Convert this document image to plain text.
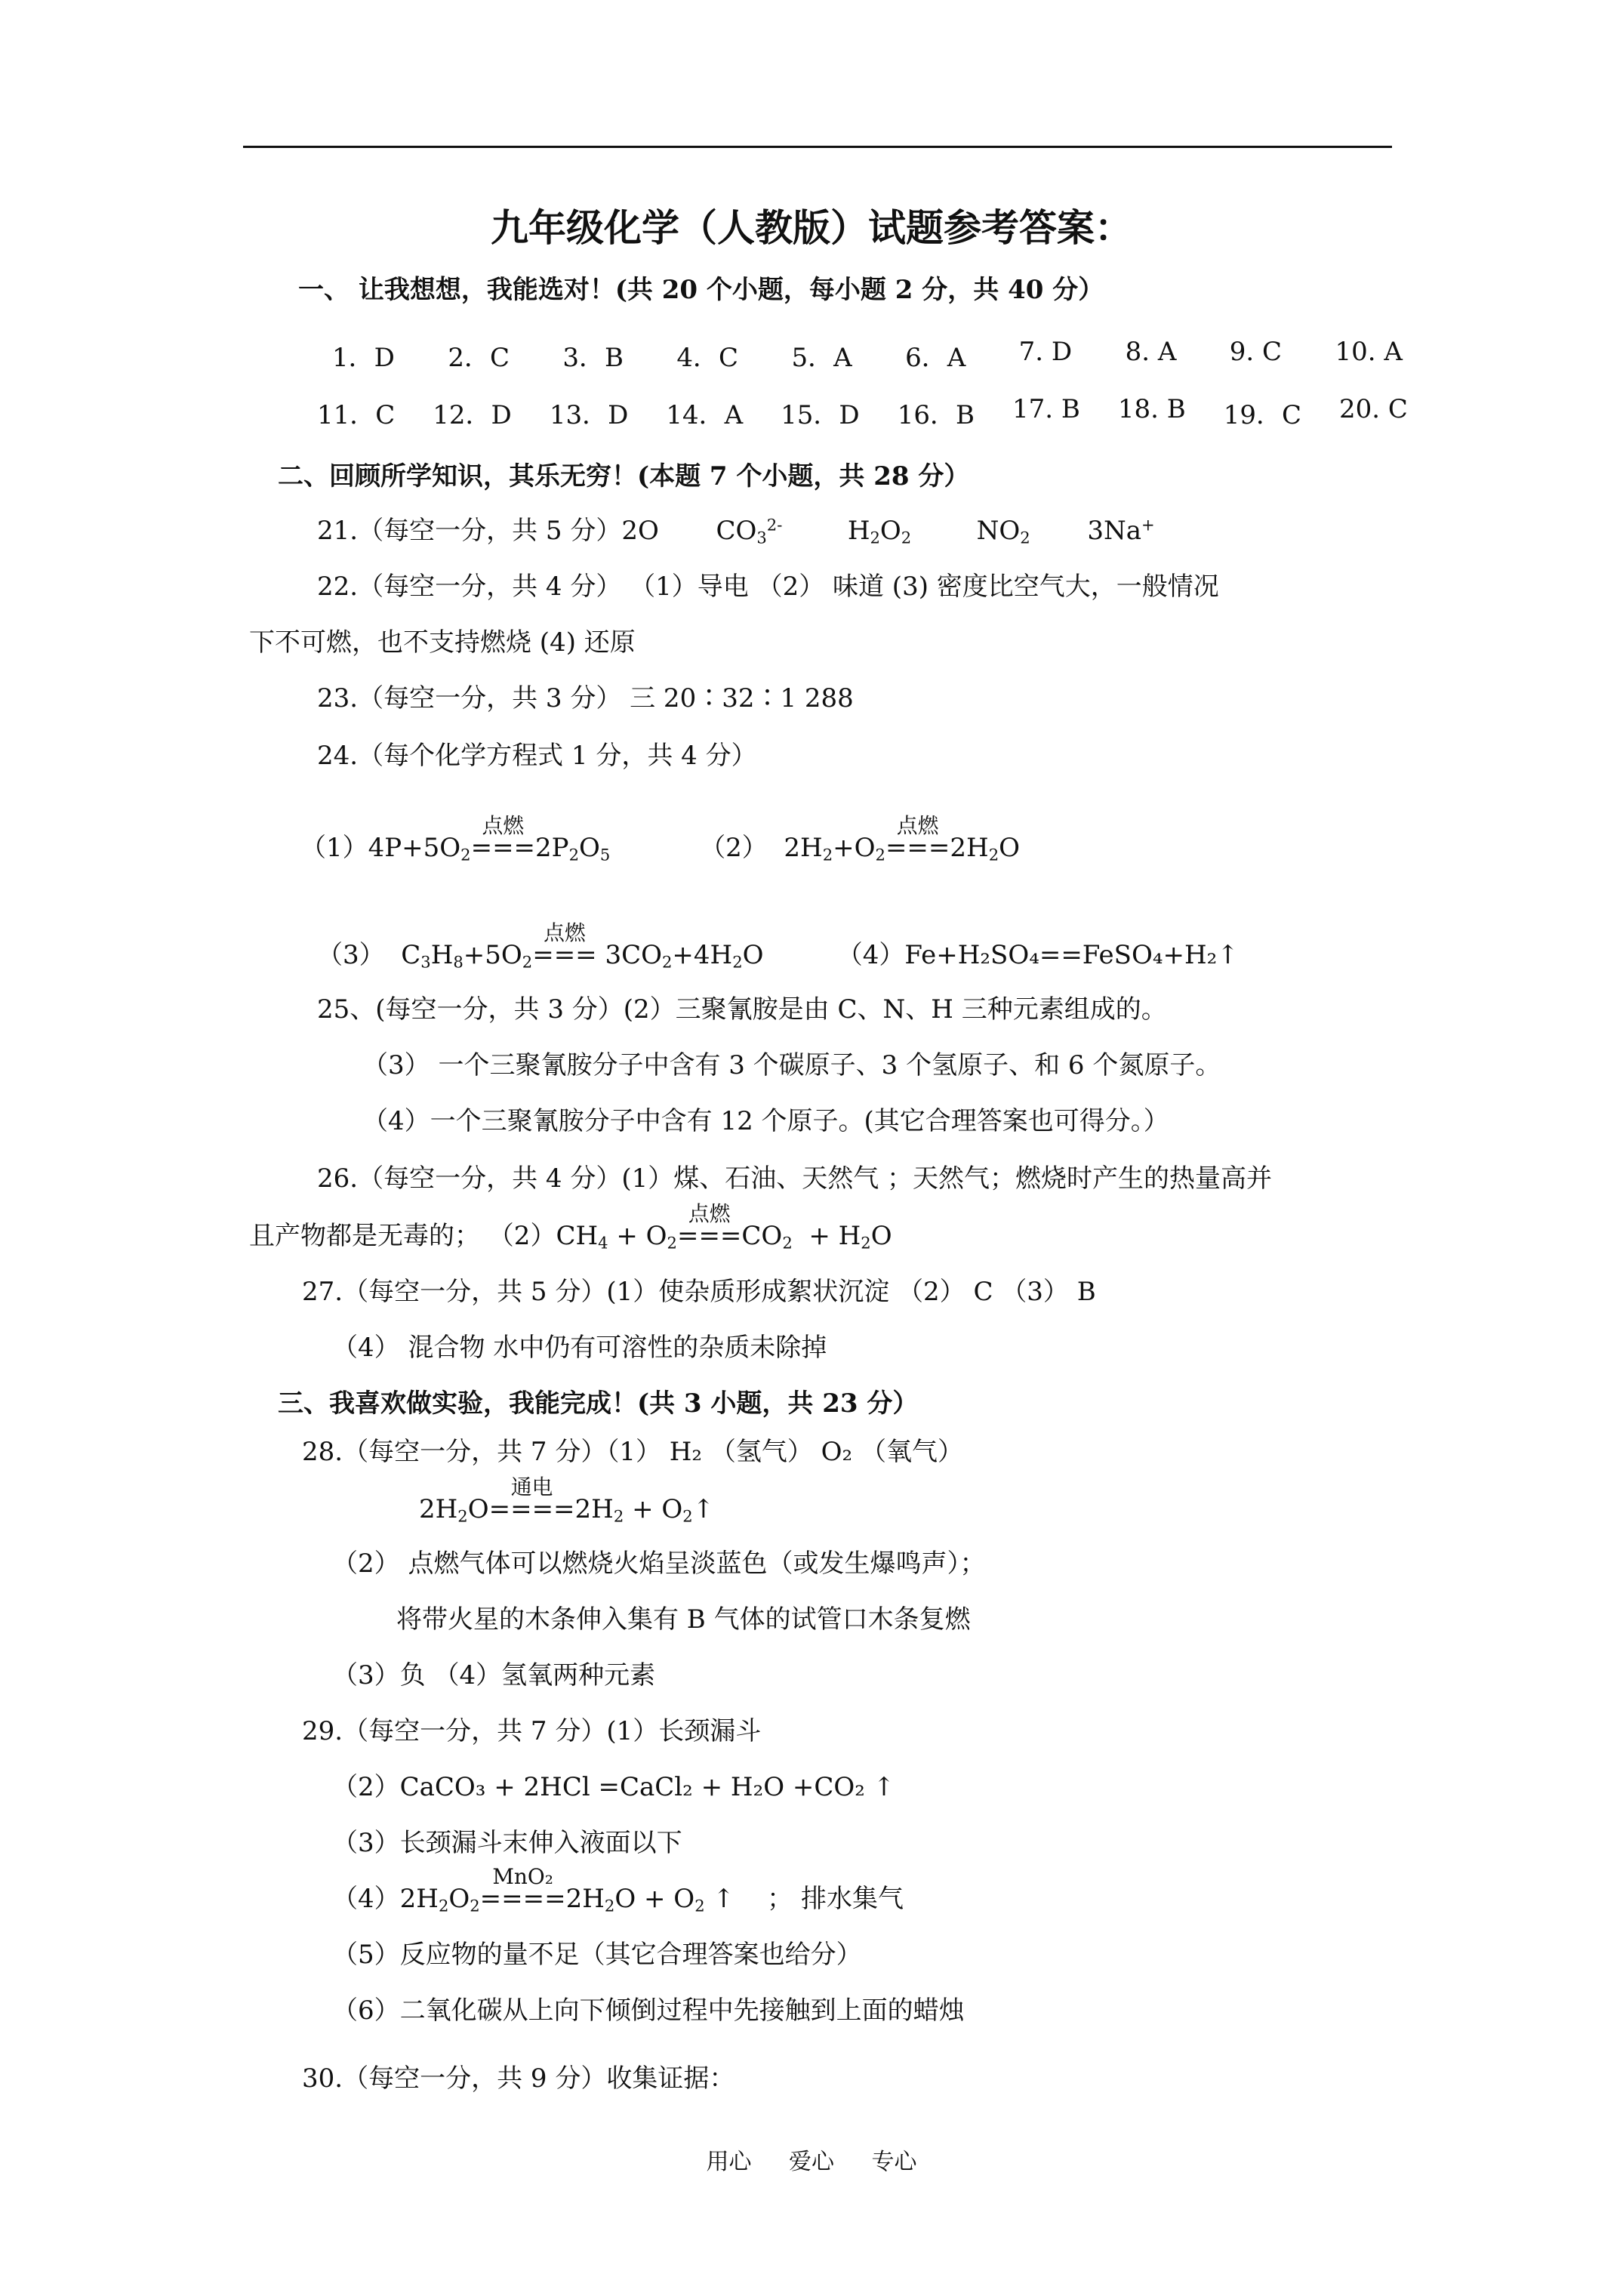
九年级化学（人教版）试题参考答案：
一、 让我想想，我能选对！(共 20 个小题，每小题 2 分，共 40 分）
1．D 2．C 3．B 4．C 5．A 6．A 7. D 8. A 9. C 10. A
11．C 12．D 13．D 14．A 15．D 16．B 17. B 18. B 19．C 20. C
二、回顾所学知识，其乐无穷！(本题 7 个小题，共 28 分）
21.（每空一分，共 5 分）2O $CO_3^{2-}$	$H_2O_2$	$NO_2$ 3Na+
22.（每空一分，共 4 分） （1）导电 （2） 味道 (3) 密度比空气大，一般情况
下不可燃，也不支持燃烧 (4) 还原
23.（每空一分，共 3 分） 三 20∶32∶1 288
24.（每个化学方程式 1 分，共 4 分）
$(1)4P+5O_2$
点燃
$===2P_2O_5$	（2）  $2H_2+O_2$
点燃
$===2H_2O$
（3）  $C_3H_8+5O_2$
点燃
=== $3CO_2+4H_2O$         （4）Fe+H₂SO₄==FeSO₄+H₂↑
25、(每空一分，共 3 分）(2）三聚氰胺是由 C、N、H 三种元素组成的。
（3） 一个三聚氰胺分子中含有 3 个碳原子、3 个氢原子、和 6 个氮原子。
（4）一个三聚氰胺分子中含有 12 个原子。(其它合理答案也可得分。）
26.（每空一分，共 4 分）(1）煤、石油、天然气 ；天然气；燃烧时产生的热量高并
且产物都是无毒的； $(2)CH_4 + O_2$
点燃
$===CO_2 + H_2O$
27.（每空一分，共 5 分）(1）使杂质形成絮状沉淀 （2） C （3） B
（4） 混合物 水中仍有可溶性的杂质未除掉
三、我喜欢做实验，我能完成！(共 3 小题，共 23 分）
28.（每空一分，共 7 分）（1） H₂ （氢气） O₂ （氧气）
$2H_2O$
通电
$====2H_2$ + $O_2↑$
（2） 点燃气体可以燃烧火焰呈淡蓝色（或发生爆鸣声）；
将带火星的木条伸入集有 B 气体的试管口木条复燃
（3）负 （4）氢氧两种元素
29.（每空一分，共 7 分）(1）长颈漏斗
（2）CaCO₃ + 2HCl =CaCl₂ + H₂O +CO₂ ↑
（3）长颈漏斗末伸入液面以下
$(4)2H_2O_2$
MnO₂
$====2H_2O + O_2$ ↑    ； 排水集气
（5）反应物的量不足（其它合理答案也给分）
（6）二氧化碳从上向下倾倒过程中先接触到上面的蜡烛
30.（每空一分，共 9 分）收集证据：
用心 爱心 专心
